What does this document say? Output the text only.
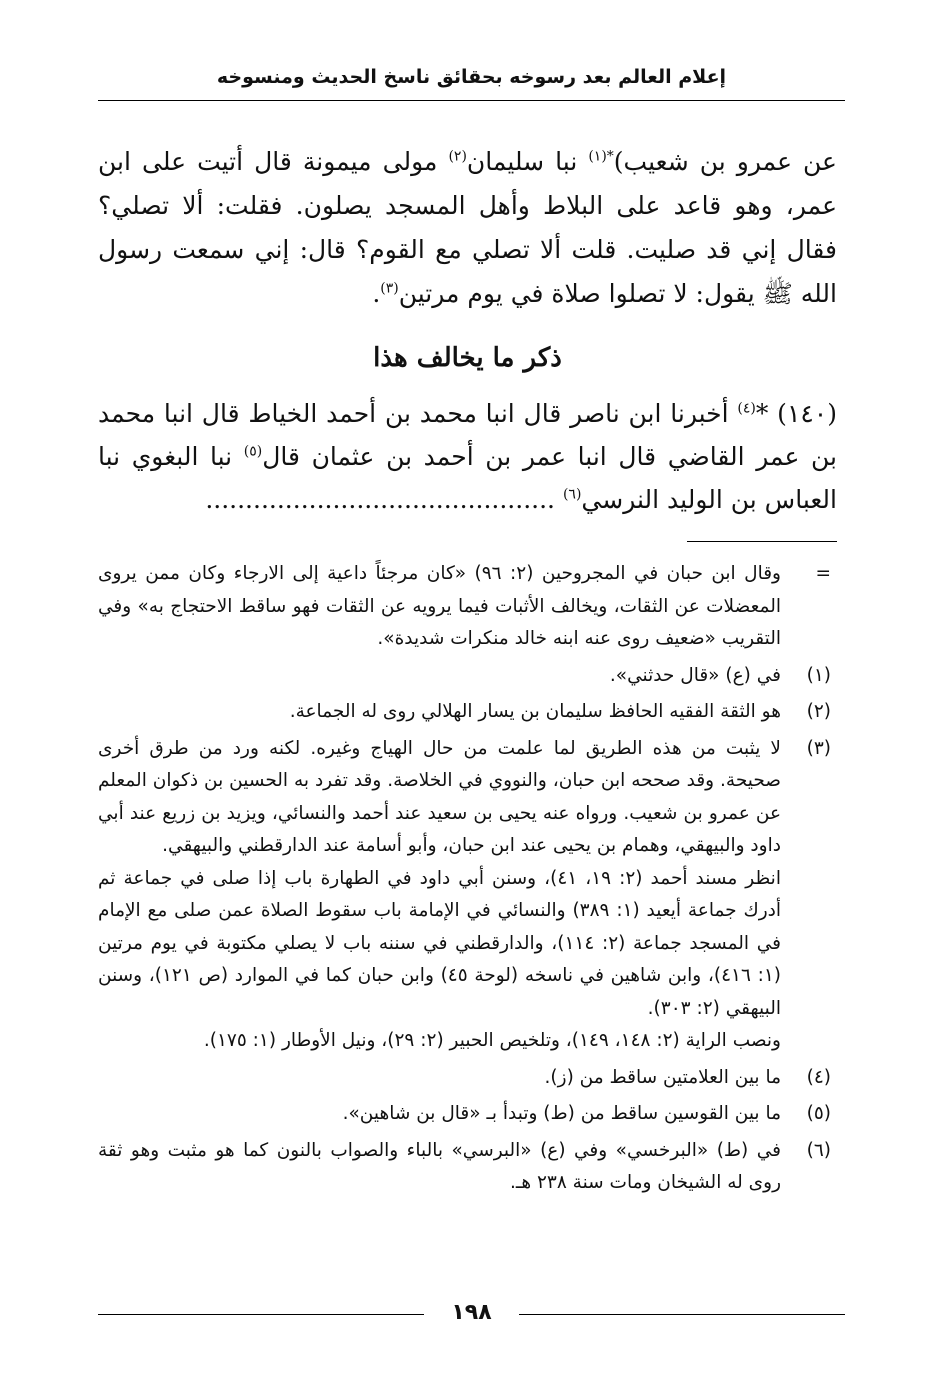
إعلام العالم بعد رسوخه بحقائق ناسخ الحديث ومنسوخه

عن عمرو بن شعيب)$^{*(١)}$ نبا سليمان$^{(٢)}$ مولى ميمونة قال أتيت على ابن عمر، وهو قاعد على البلاط وأهل المسجد يصلون. فقلت: ألا تصلي؟ فقال إني قد صليت. قلت ألا تصلي مع القوم؟ قال: إني سمعت رسول الله ﷺ يقول: لا تصلوا صلاة في يوم مرتين$^{(٣)}$.

ذكر ما يخالف هذا

(١٤٠) *$^{(٤)}$ أخبرنا ابن ناصر قال انبا محمد بن أحمد الخياط قال انبا محمد بن عمر القاضي قال انبا عمر بن أحمد بن عثمان قال$^{(٥)}$ نبا البغوي نبا العباس بن الوليد النرسي$^{(٦)}$ ............................................

=
وقال ابن حبان في المجروحين (٢: ٩٦) «كان مرجئاً داعية إلى الارجاء وكان ممن يروى المعضلات عن الثقات، ويخالف الأثبات فيما يرويه عن الثقات فهو ساقط الاحتجاج به» وفي التقريب «ضعيف روى عنه ابنه خالد منكرات شديدة».
(١)
في (ع) «قال حدثني».
(٢)
هو الثقة الفقيه الحافظ سليمان بن يسار الهلالي روى له الجماعة.
(٣)
لا يثبت من هذه الطريق لما علمت من حال الهياج وغيره. لكنه ورد من طرق أخرى صحيحة. وقد صححه ابن حبان، والنووي في الخلاصة. وقد تفرد به الحسين بن ذكوان المعلم عن عمرو بن شعيب. ورواه عنه يحيى بن سعيد عند أحمد والنسائي، ويزيد بن زريع عند أبي داود والبيهقي، وهمام بن يحيى عند ابن حبان، وأبو أسامة عند الدارقطني والبيهقي.
انظر مسند أحمد (٢: ١٩، ٤١)، وسنن أبي داود في الطهارة باب إذا صلى في جماعة ثم أدرك جماعة أيعيد (١: ٣٨٩) والنسائي في الإمامة باب سقوط الصلاة عمن صلى مع الإمام في المسجد جماعة (٢: ١١٤)، والدارقطني في سننه باب لا يصلي مكتوبة في يوم مرتين (١: ٤١٦)، وابن شاهين في ناسخه (لوحة ٤٥) وابن حبان كما في الموارد (ص ١٢١)، وسنن البيهقي (٢: ٣٠٣).
ونصب الراية (٢: ١٤٨، ١٤٩)، وتلخيص الحبير (٢: ٢٩)، ونيل الأوطار (١: ١٧٥).
(٤)
ما بين العلامتين ساقط من (ز).
(٥)
ما بين القوسين ساقط من (ط) وتبدأ بـ «قال بن شاهين».
(٦)
في (ط) «البرخسي» وفي (ع) «البرسي» بالباء والصواب بالنون كما هو مثبت وهو ثقة روى له الشيخان ومات سنة ٢٣٨ هـ.
١٩٨
